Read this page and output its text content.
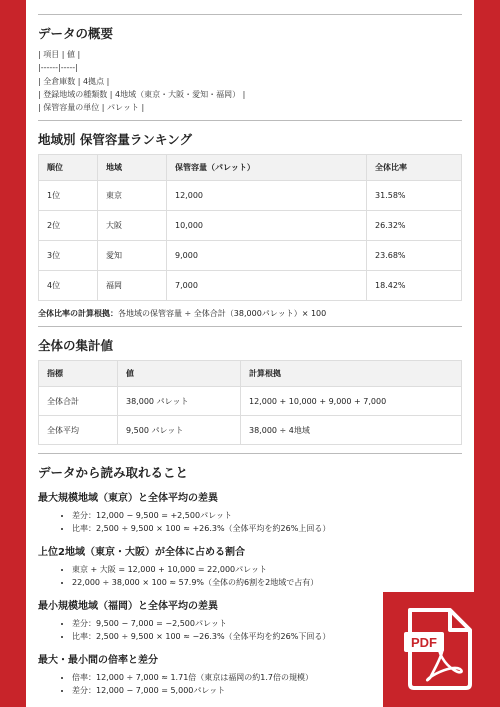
データの概要
| 項目 | 値 |
|------|-----|
| 全倉庫数 | 4拠点 |
| 登録地域の種類数 | 4地域（東京・大阪・愛知・福岡） |
| 保管容量の単位 | パレット |
地域別 保管容量ランキング
順位	地域	保管容量（パレット）	全体比率
1位	東京	12,000	31.58%
2位	大阪	10,000	26.32%
3位	愛知	9,000	23.68%
4位	福岡	7,000	18.42%
全体比率の計算根拠：各地域の保管容量 ÷ 全体合計（38,000パレット）× 100
全体の集計値
指標	値	計算根拠
全体合計	38,000 パレット	12,000 + 10,000 + 9,000 + 7,000
全体平均	9,500 パレット	38,000 ÷ 4地域
データから読み取れること
最大規模地域（東京）と全体平均の差異
• 差分：12,000 − 9,500 = +2,500パレット
• 比率：2,500 ÷ 9,500 × 100 ≈ +26.3%（全体平均を約26%上回る）
上位2地域（東京・大阪）が全体に占める割合
• 東京 + 大阪 = 12,000 + 10,000 = 22,000パレット
• 22,000 ÷ 38,000 × 100 ≈ 57.9%（全体の約6割を2地域で占有）
最小規模地域（福岡）と全体平均の差異
• 差分：9,500 − 7,000 = −2,500パレット
• 比率：2,500 ÷ 9,500 × 100 ≈ −26.3%（全体平均を約26%下回る）
最大・最小間の倍率と差分
• 倍率：12,000 ÷ 7,000 ≈ 1.71倍（東京は福岡の約1.7倍の規模）
• 差分：12,000 − 7,000 = 5,000パレット
PDF
